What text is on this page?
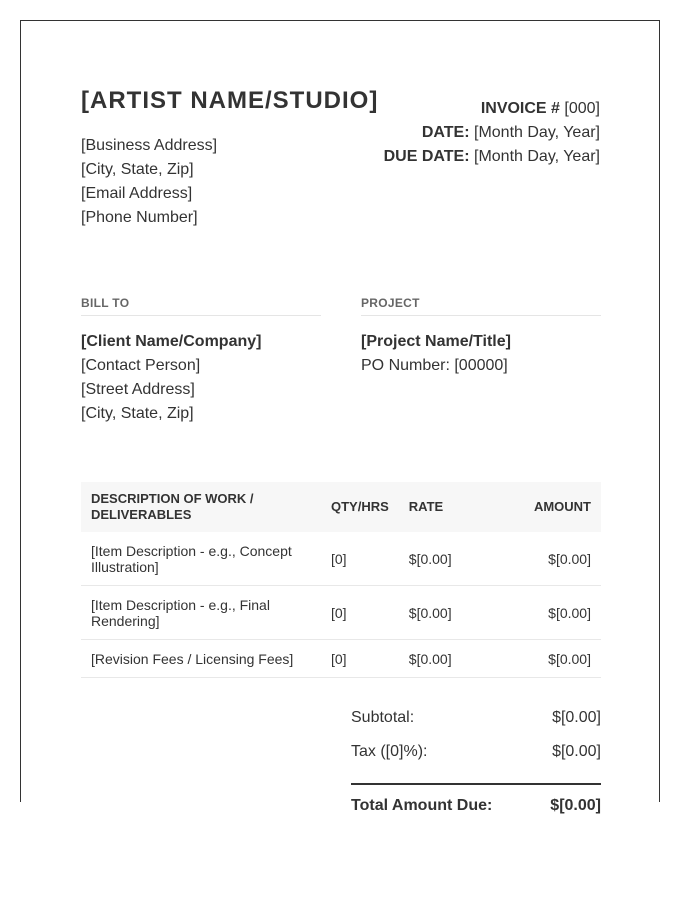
[ARTIST NAME/STUDIO]
[Business Address]
[City, State, Zip]
[Email Address]
[Phone Number]
INVOICE # [000]
DATE: [Month Day, Year]
DUE DATE: [Month Day, Year]
BILL TO	PROJECT
[Client Name/Company]
[Contact Person]
[Street Address]
[City, State, Zip]
[Project Name/Title]
PO Number: [00000]
DESCRIPTION OF WORK / DELIVERABLES	QTY/HRS	RATE	AMOUNT
[Item Description - e.g., Concept Illustration]	[0]	$[0.00]	$[0.00]
[Item Description - e.g., Final Rendering]	[0]	$[0.00]	$[0.00]
[Revision Fees / Licensing Fees]	[0]	$[0.00]	$[0.00]
Subtotal:	$[0.00]
Tax ([0]%):	$[0.00]
Total Amount Due:	$[0.00]
